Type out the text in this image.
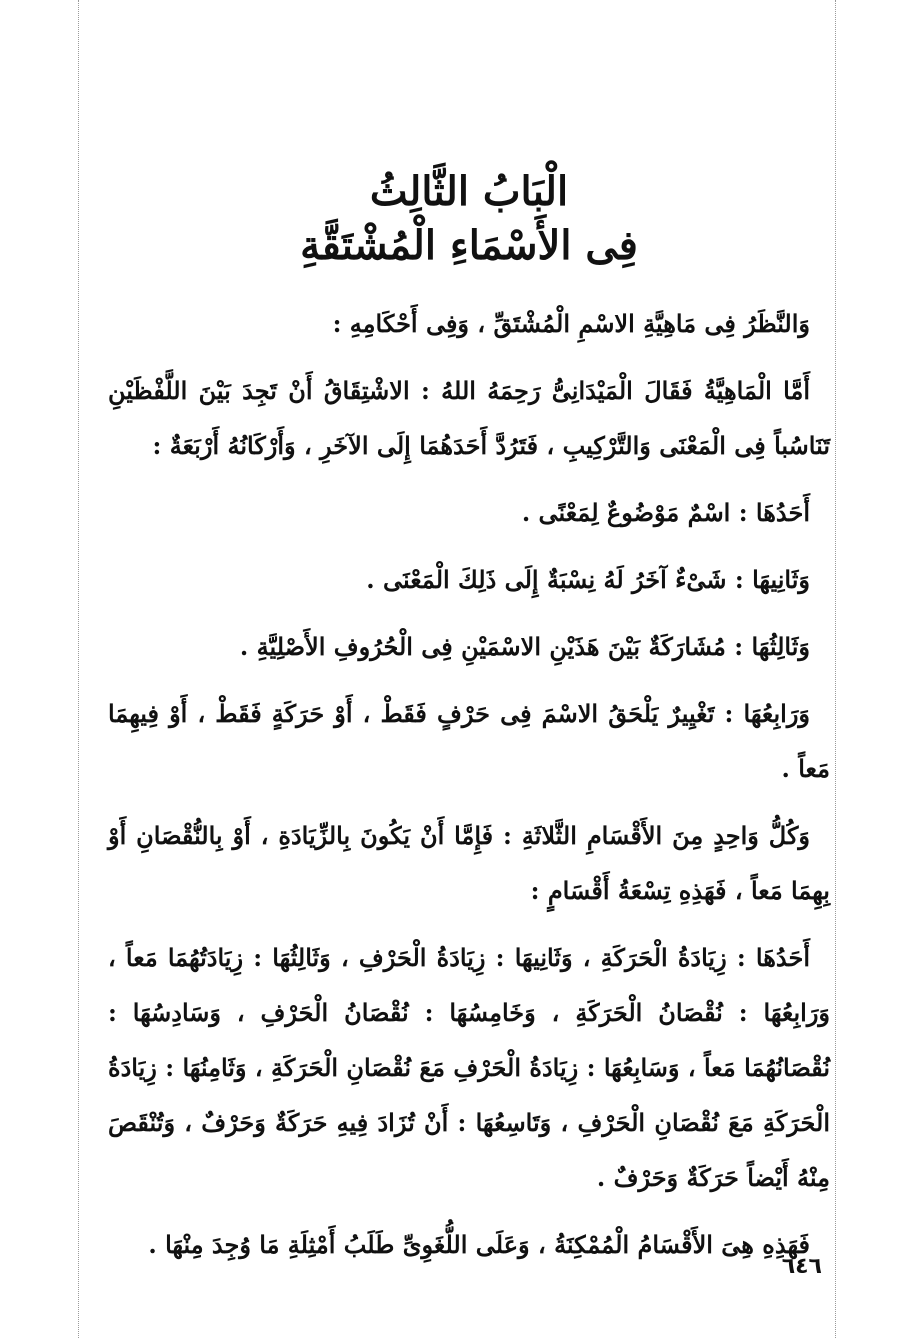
الْبَابُ الثَّالِثُ
فِى الأَسْمَاءِ الْمُشْتَقَّةِ

وَالنَّظَرُ فِى مَاهِيَّةِ الاسْمِ الْمُشْتَقِّ ، وَفِى أَحْكَامِهِ :

أَمَّا الْمَاهِيَّةُ فَقَالَ الْمَيْدَانِىُّ رَحِمَهُ اللهُ : الاشْتِقَاقُ أَنْ تَجِدَ بَيْنَ اللَّفْظَيْنِ تَنَاسُباً فِى الْمَعْنَى وَالتَّرْكِيبِ ، فَتَرُدَّ أَحَدَهُمَا إِلَى الآخَرِ ، وَأَرْكَانُهُ أَرْبَعَةٌ :

أَحَدُهَا : اسْمٌ مَوْضُوعٌ لِمَعْنًى .

وَثَانِيهَا : شَىْءٌ آخَرُ لَهُ نِسْبَةٌ إِلَى ذَلِكَ الْمَعْنَى .

وَثَالِثُهَا : مُشَارَكَةٌ بَيْنَ هَذَيْنِ الاسْمَيْنِ فِى الْحُرُوفِ الأَصْلِيَّةِ .

وَرَابِعُهَا : تَغْيِيرٌ يَلْحَقُ الاسْمَ فِى حَرْفٍ فَقَطْ ، أَوْ حَرَكَةٍ فَقَطْ ، أَوْ فِيهِمَا مَعاً .

وَكُلُّ وَاحِدٍ مِنَ الأَقْسَامِ الثَّلاثَةِ : فَإِمَّا أَنْ يَكُونَ بِالزِّيَادَةِ ، أَوْ بِالنُّقْصَانِ أَوْ بِهِمَا مَعاً ، فَهَذِهِ تِسْعَةُ أَقْسَامٍ :

أَحَدُهَا : زِيَادَةُ الْحَرَكَةِ ، وَثَانِيهَا : زِيَادَةُ الْحَرْفِ ، وَثَالِثُهَا : زِيَادَتُهُمَا مَعاً ، وَرَابِعُهَا : نُقْصَانُ الْحَرَكَةِ ، وَخَامِسُهَا : نُقْصَانُ الْحَرْفِ ، وَسَادِسُهَا : نُقْصَانُهُمَا مَعاً ، وَسَابِعُهَا : زِيَادَةُ الْحَرْفِ مَعَ نُقْصَانِ الْحَرَكَةِ ، وَثَامِنُهَا : زِيَادَةُ الْحَرَكَةِ مَعَ نُقْصَانِ الْحَرْفِ ، وَتَاسِعُهَا : أَنْ تُزَادَ فِيهِ حَرَكَةٌ وَحَرْفٌ ، وَتُنْقَصَ مِنْهُ أَيْضاً حَرَكَةٌ وَحَرْفٌ .

فَهَذِهِ هِىَ الأَقْسَامُ الْمُمْكِنَةُ ، وَعَلَى اللُّغَوِىِّ طَلَبُ أَمْثِلَةِ مَا وُجِدَ مِنْهَا .

٦٤٦
